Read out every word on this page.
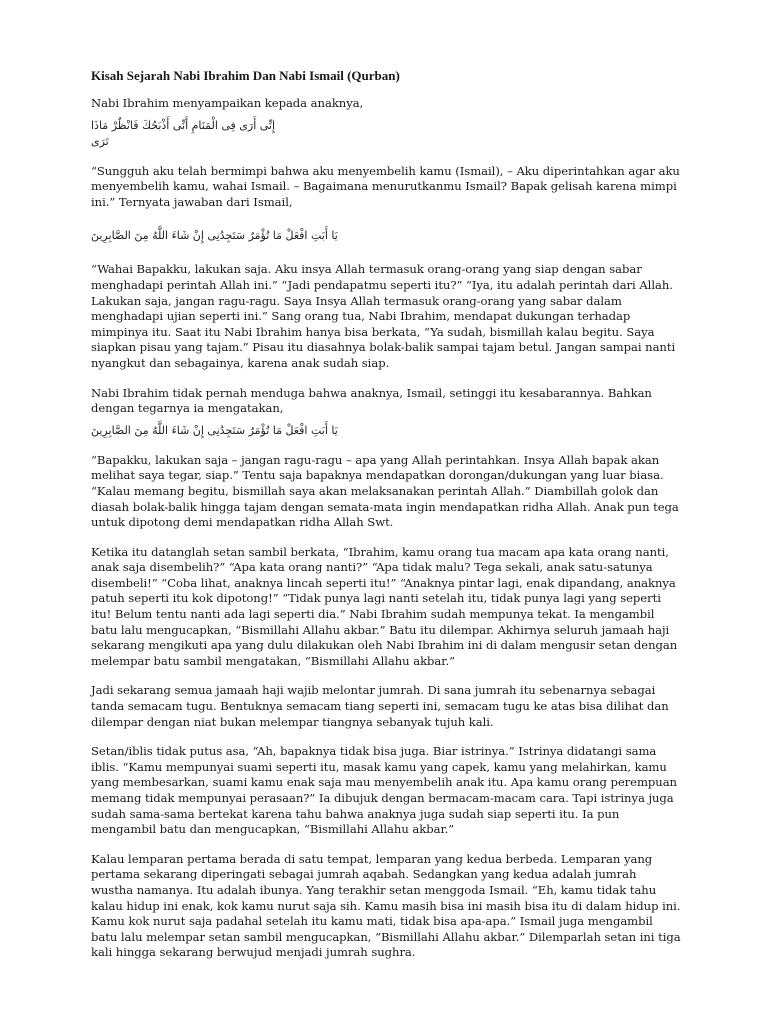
Kisah Sejarah Nabi Ibrahim Dan Nabi Ismail (Qurban)

Nabi Ibrahim menyampaikan kepada anaknya,

إِنِّى أَرَى فِى الْمَنَامِ أَنِّى أَذْبَحُكَ فَانْظُرْ مَاذَا تَرَى

“Sungguh aku telah bermimpi bahwa aku menyembelih kamu (Ismail), – Aku diperintahkan agar aku menyembelih kamu, wahai Ismail. – Bagaimana menurutkanmu Ismail? Bapak gelisah karena mimpi ini.” Ternyata jawaban dari Ismail,

يَا أَبَتِ افْعَلْ مَا تُؤْمَرُ سَتَجِدُنِى إِنْ شَاءَ اللَّهُ مِنَ الصَّابِرِينَ

“Wahai Bapakku, lakukan saja. Aku insya Allah termasuk orang-orang yang siap dengan sabar menghadapi perintah Allah ini.” “Jadi pendapatmu seperti itu?” “Iya, itu adalah perintah dari Allah. Lakukan saja, jangan ragu-ragu. Saya Insya Allah termasuk orang-orang yang sabar dalam menghadapi ujian seperti ini.” Sang orang tua, Nabi Ibrahim, mendapat dukungan terhadap mimpinya itu. Saat itu Nabi Ibrahim hanya bisa berkata, “Ya sudah, bismillah kalau begitu. Saya siapkan pisau yang tajam.” Pisau itu diasahnya bolak-balik sampai tajam betul. Jangan sampai nanti nyangkut dan sebagainya, karena anak sudah siap.

Nabi Ibrahim tidak pernah menduga bahwa anaknya, Ismail, setinggi itu kesabarannya. Bahkan dengan tegarnya ia mengatakan,

يَا أَبَتِ افْعَلْ مَا تُؤْمَرُ سَتَجِدُنِى إِنْ شَاءَ اللَّهُ مِنَ الصَّابِرِينَ

“Bapakku, lakukan saja – jangan ragu-ragu – apa yang Allah perintahkan. Insya Allah bapak akan melihat saya tegar, siap.” Tentu saja bapaknya mendapatkan dorongan/dukungan yang luar biasa. “Kalau memang begitu, bismillah saya akan melaksanakan perintah Allah.” Diambillah golok dan diasah bolak-balik hingga tajam dengan semata-mata ingin mendapatkan ridha Allah. Anak pun tega untuk dipotong demi mendapatkan ridha Allah Swt.

Ketika itu datanglah setan sambil berkata, “Ibrahim, kamu orang tua macam apa kata orang nanti, anak saja disembelih?” “Apa kata orang nanti?” “Apa tidak malu? Tega sekali, anak satu-satunya disembeli!” “Coba lihat, anaknya lincah seperti itu!” “Anaknya pintar lagi, enak dipandang, anaknya patuh seperti itu kok dipotong!” “Tidak punya lagi nanti setelah itu, tidak punya lagi yang seperti itu! Belum tentu nanti ada lagi seperti dia.” Nabi Ibrahim sudah mempunya tekat. Ia mengambil batu lalu mengucapkan, “Bismillahi Allahu akbar.” Batu itu dilempar. Akhirnya seluruh jamaah haji sekarang mengikuti apa yang dulu dilakukan oleh Nabi Ibrahim ini di dalam mengusir setan dengan melempar batu sambil mengatakan, “Bismillahi Allahu akbar.”

Jadi sekarang semua jamaah haji wajib melontar jumrah. Di sana jumrah itu sebenarnya sebagai tanda semacam tugu. Bentuknya semacam tiang seperti ini, semacam tugu ke atas bisa dilihat dan dilempar dengan niat bukan melempar tiangnya sebanyak tujuh kali.

Setan/iblis tidak putus asa, “Ah, bapaknya tidak bisa juga. Biar istrinya.” Istrinya didatangi sama iblis. “Kamu mempunyai suami seperti itu, masak kamu yang capek, kamu yang melahirkan, kamu yang membesarkan, suami kamu enak saja mau menyembelih anak itu. Apa kamu orang perempuan memang tidak mempunyai perasaan?” Ia dibujuk dengan bermacam-macam cara. Tapi istrinya juga sudah sama-sama bertekat karena tahu bahwa anaknya juga sudah siap seperti itu. Ia pun mengambil batu dan mengucapkan, “Bismillahi Allahu akbar.”

Kalau lemparan pertama berada di satu tempat, lemparan yang kedua berbeda. Lemparan yang pertama sekarang diperingati sebagai jumrah aqabah. Sedangkan yang kedua adalah jumrah wustha namanya. Itu adalah ibunya. Yang terakhir setan menggoda Ismail. “Eh, kamu tidak tahu kalau hidup ini enak, kok kamu nurut saja sih. Kamu masih bisa ini masih bisa itu di dalam hidup ini. Kamu kok nurut saja padahal setelah itu kamu mati, tidak bisa apa-apa.” Ismail juga mengambil batu lalu melempar setan sambil mengucapkan, “Bismillahi Allahu akbar.” Dilemparlah setan ini tiga kali hingga sekarang berwujud menjadi jumrah sughra.
